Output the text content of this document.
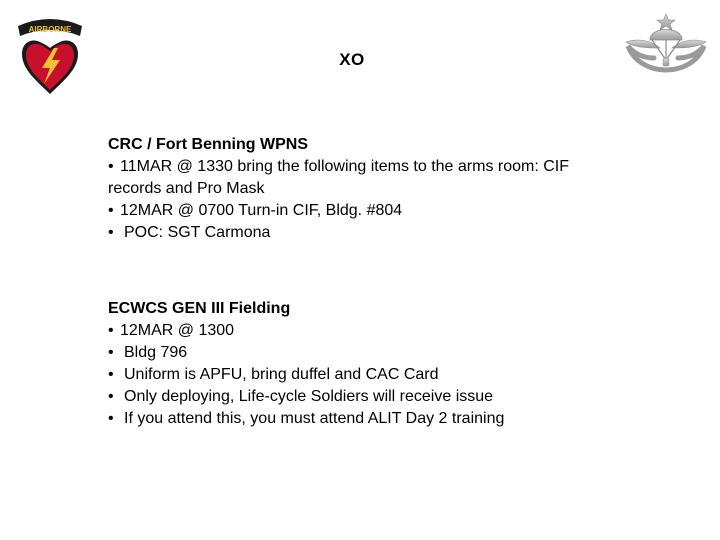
AIRBORNE
XO
CRC / Fort Benning WPNS
• 11MAR @ 1330 bring the following items to the arms room: CIF records and Pro Mask
• 12MAR @ 0700 Turn-in CIF, Bldg. #804
• POC: SGT Carmona
ECWCS GEN III Fielding
• 12MAR @ 1300
• Bldg 796
• Uniform is APFU, bring duffel and CAC Card
• Only deploying, Life-cycle Soldiers will receive issue
• If you attend this, you must attend ALIT Day 2 training
